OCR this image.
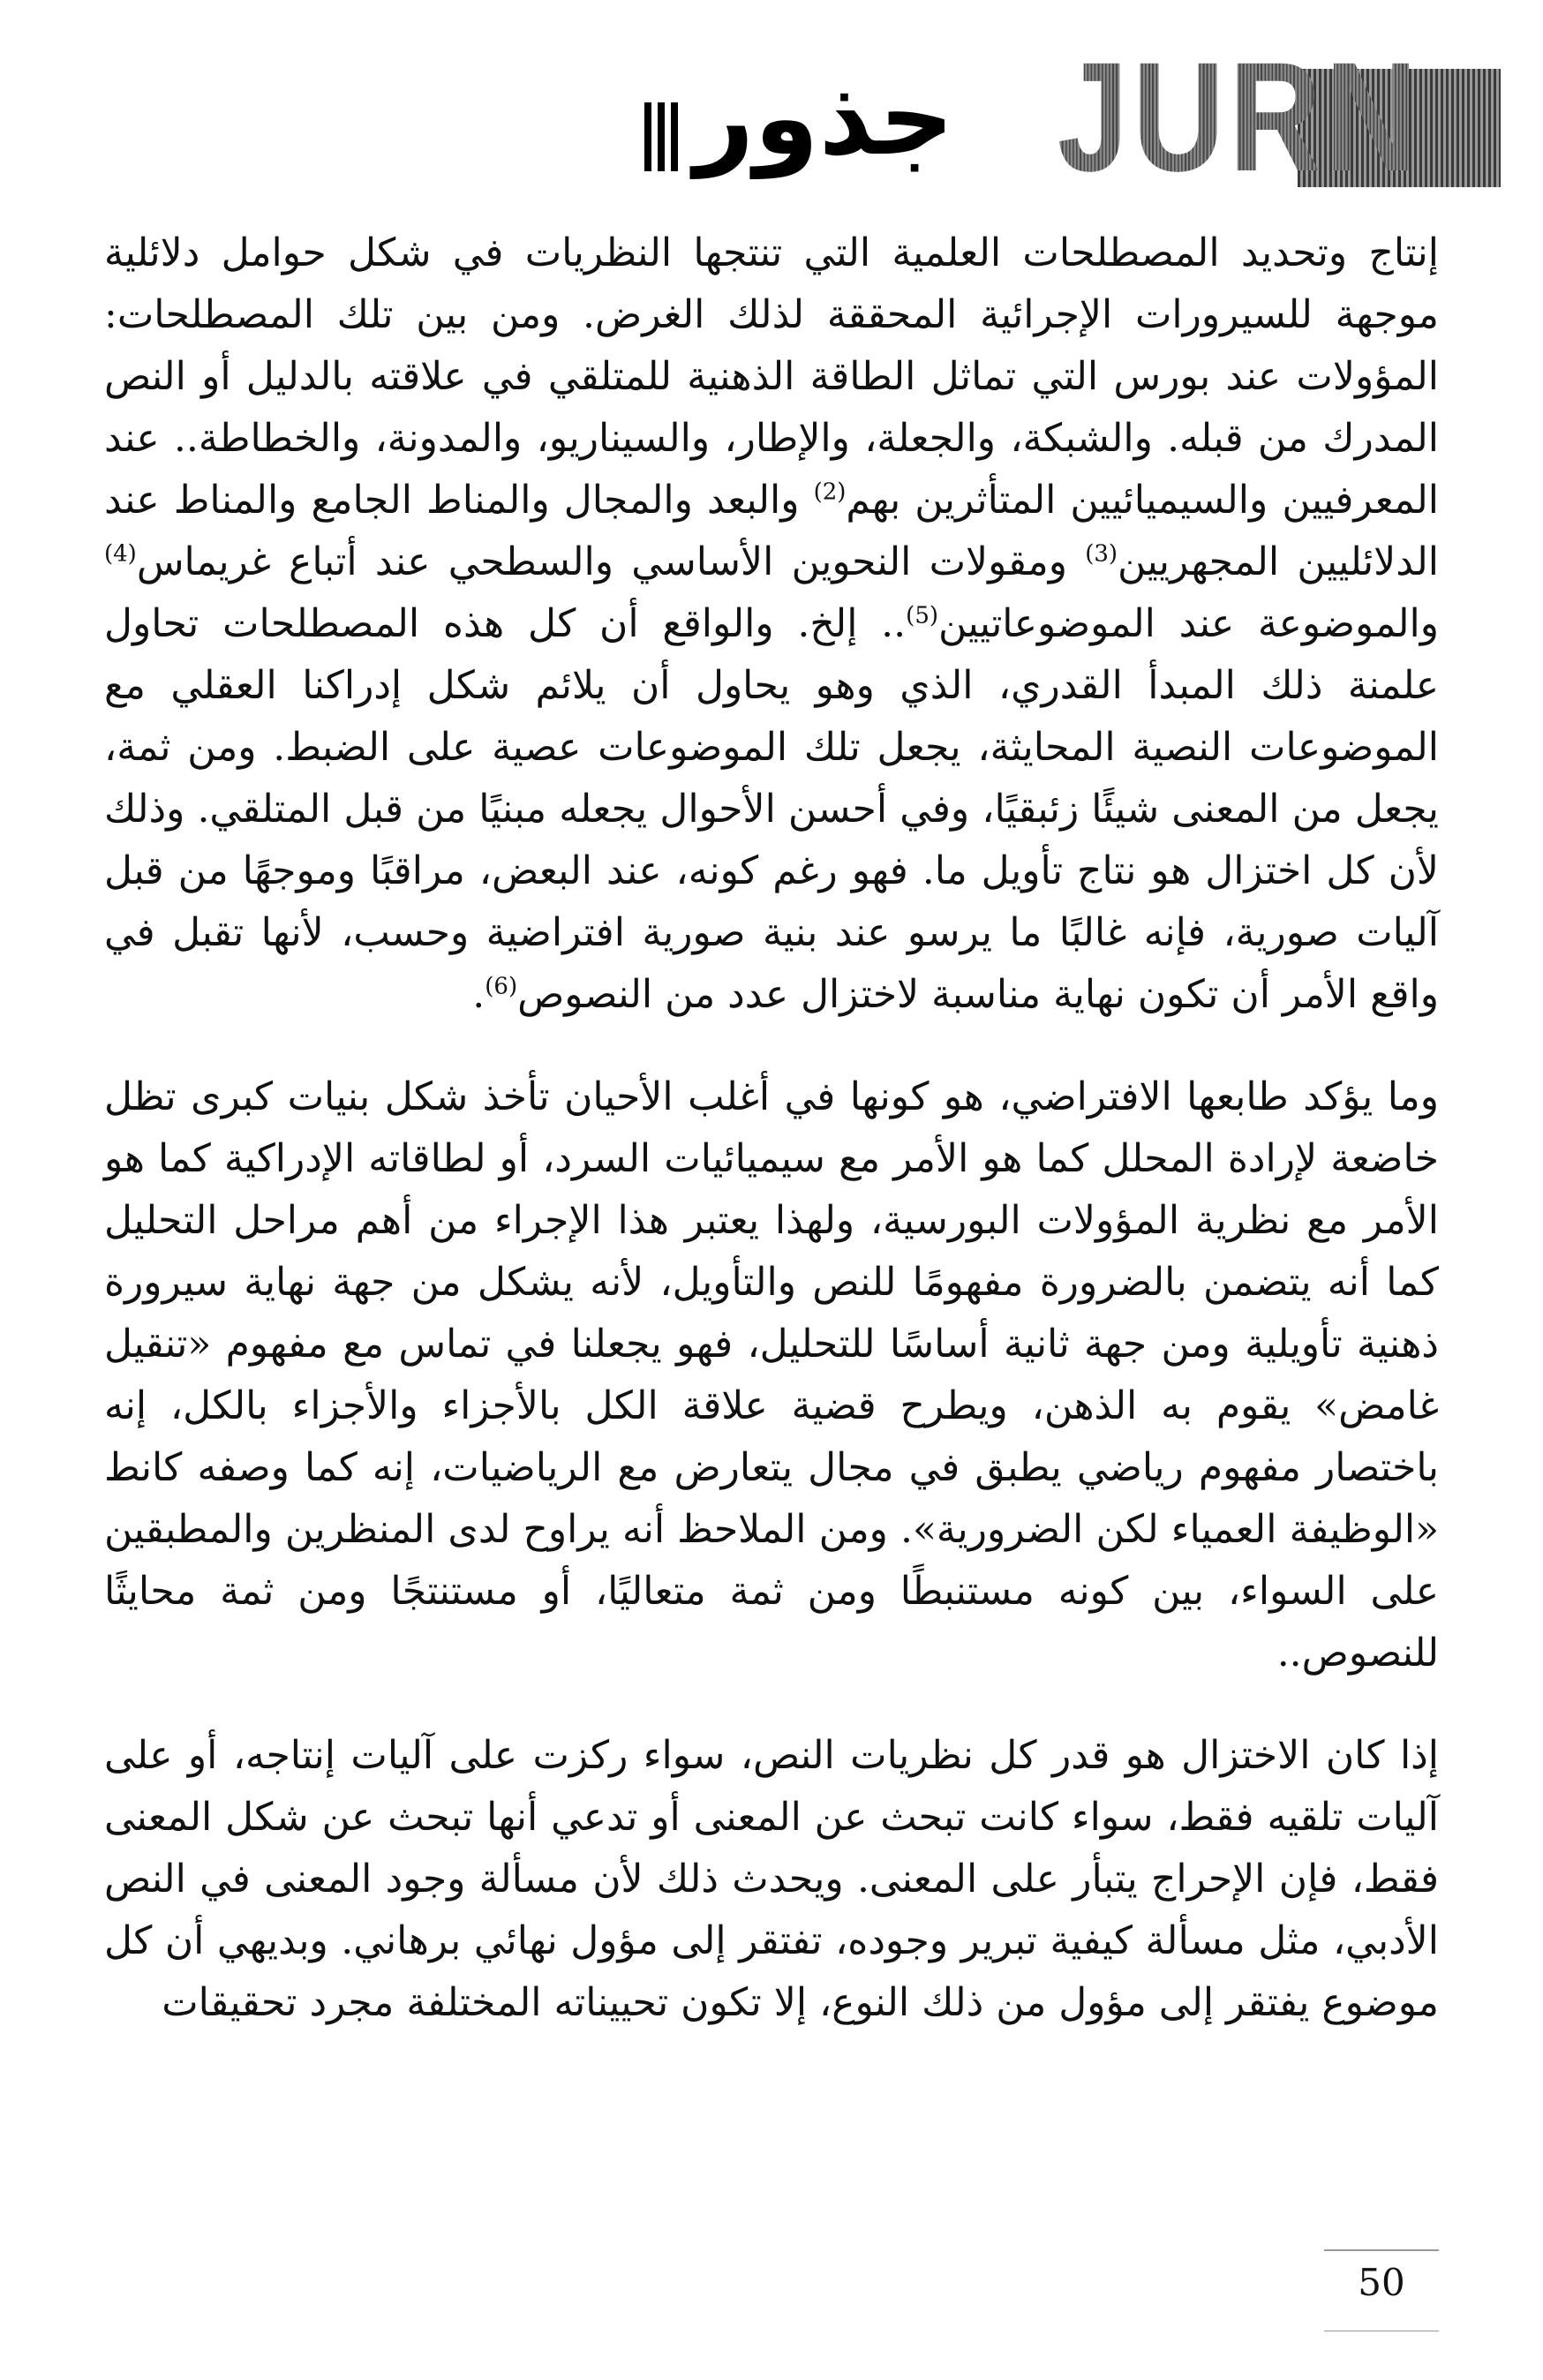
جذور JURN

إنتاج وتحديد المصطلحات العلمية التي تنتجها النظريات في شكل حوامل دلائلية موجهة للسيرورات الإجرائية المحققة لذلك الغرض. ومن بين تلك المصطلحات: المؤولات عند بورس التي تماثل الطاقة الذهنية للمتلقي في علاقته بالدليل أو النص المدرك من قبله. والشبكة، والجعلة، والإطار، والسيناريو، والمدونة، والخطاطة.. عند المعرفيين والسيميائيين المتأثرين بهم$^{(2)}$ والبعد والمجال والمناط الجامع والمناط عند الدلائليين المجهريين$^{(3)}$ ومقولات النحوين الأساسي والسطحي عند أتباع غريماس$^{(4)}$ والموضوعة عند الموضوعاتيين$^{(5)}$.. إلخ. والواقع أن كل هذه المصطلحات تحاول علمنة ذلك المبدأ القدري، الذي وهو يحاول أن يلائم شكل إدراكنا العقلي مع الموضوعات النصية المحايثة، يجعل تلك الموضوعات عصية على الضبط. ومن ثمة، يجعل من المعنى شيئًا زئبقيًا، وفي أحسن الأحوال يجعله مبنيًا من قبل المتلقي. وذلك لأن كل اختزال هو نتاج تأويل ما. فهو رغم كونه، عند البعض، مراقبًا وموجهًا من قبل آليات صورية، فإنه غالبًا ما يرسو عند بنية صورية افتراضية وحسب، لأنها تقبل في واقع الأمر أن تكون نهاية مناسبة لاختزال عدد من النصوص$^{(6)}$.

وما يؤكد طابعها الافتراضي، هو كونها في أغلب الأحيان تأخذ شكل بنيات كبرى تظل خاضعة لإرادة المحلل كما هو الأمر مع سيميائيات السرد، أو لطاقاته الإدراكية كما هو الأمر مع نظرية المؤولات البورسية، ولهذا يعتبر هذا الإجراء من أهم مراحل التحليل كما أنه يتضمن بالضرورة مفهومًا للنص والتأويل، لأنه يشكل من جهة نهاية سيرورة ذهنية تأويلية ومن جهة ثانية أساسًا للتحليل، فهو يجعلنا في تماس مع مفهوم «تنقيل غامض» يقوم به الذهن، ويطرح قضية علاقة الكل بالأجزاء والأجزاء بالكل، إنه باختصار مفهوم رياضي يطبق في مجال يتعارض مع الرياضيات، إنه كما وصفه كانط «الوظيفة العمياء لكن الضرورية». ومن الملاحظ أنه يراوح لدى المنظرين والمطبقين على السواء، بين كونه مستنبطًا ومن ثمة متعاليًا، أو مستنتجًا ومن ثمة محايثًا للنصوص..

إذا كان الاختزال هو قدر كل نظريات النص، سواء ركزت على آليات إنتاجه، أو على آليات تلقيه فقط، سواء كانت تبحث عن المعنى أو تدعي أنها تبحث عن شكل المعنى فقط، فإن الإحراج يتبأر على المعنى. ويحدث ذلك لأن مسألة وجود المعنى في النص الأدبي، مثل مسألة كيفية تبرير وجوده، تفتقر إلى مؤول نهائي برهاني. وبديهي أن كل موضوع يفتقر إلى مؤول من ذلك النوع، إلا تكون تحييناته المختلفة مجرد تحقيقات

50
